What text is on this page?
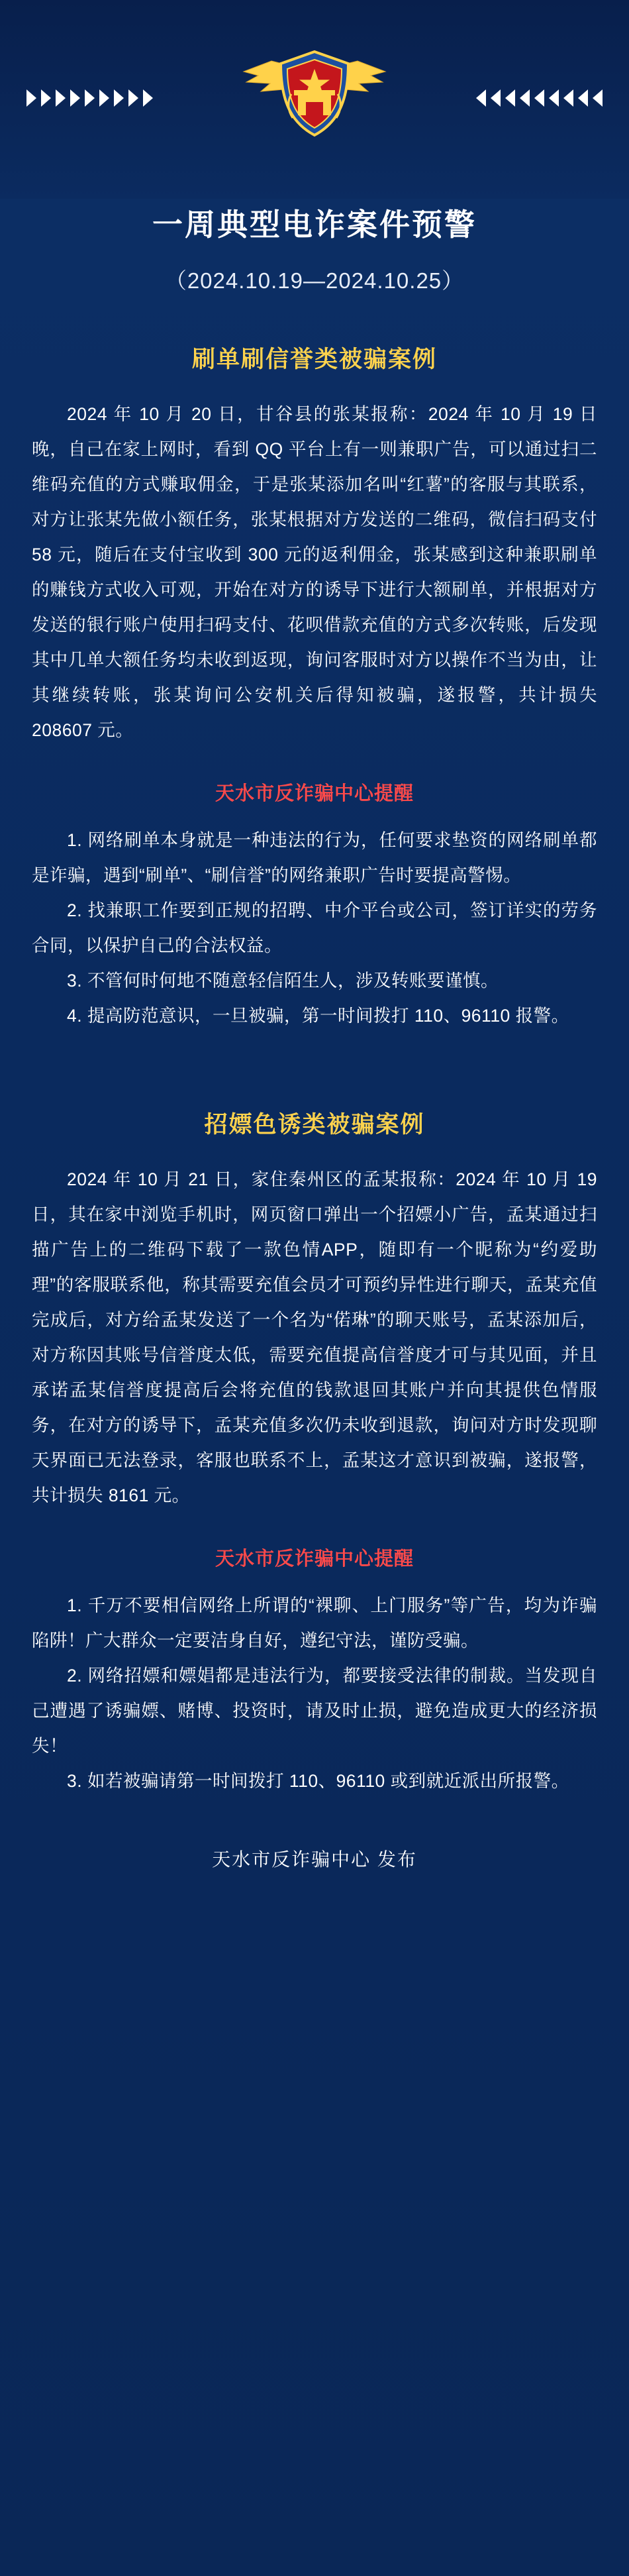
一周典型电诈案件预警
（2024.10.19—2024.10.25）
刷单刷信誉类被骗案例

2024 年 10 月 20 日，甘谷县的张某报称：2024 年 10 月 19 日晚，自己在家上网时，看到 QQ 平台上有一则兼职广告，可以通过扫二维码充值的方式赚取佣金，于是张某添加名叫“红薯”的客服与其联系，对方让张某先做小额任务，张某根据对方发送的二维码，微信扫码支付 58 元，随后在支付宝收到 300 元的返利佣金，张某感到这种兼职刷单的赚钱方式收入可观，开始在对方的诱导下进行大额刷单，并根据对方发送的银行账户使用扫码支付、花呗借款充值的方式多次转账，后发现其中几单大额任务均未收到返现，询问客服时对方以操作不当为由，让其继续转账，张某询问公安机关后得知被骗，遂报警，共计损失 208607 元。

天水市反诈骗中心提醒
1. 网络刷单本身就是一种违法的行为，任何要求垫资的网络刷单都是诈骗，遇到“刷单”、“刷信誉”的网络兼职广告时要提高警惕。
2. 找兼职工作要到正规的招聘、中介平台或公司，签订详实的劳务合同，以保护自己的合法权益。
3. 不管何时何地不随意轻信陌生人，涉及转账要谨慎。
4. 提高防范意识，一旦被骗，第一时间拨打 110、96110 报警。
招嫖色诱类被骗案例

2024 年 10 月 21 日，家住秦州区的孟某报称：2024 年 10 月 19 日，其在家中浏览手机时，网页窗口弹出一个招嫖小广告，孟某通过扫描广告上的二维码下载了一款色情APP，随即有一个昵称为“约爱助理”的客服联系他，称其需要充值会员才可预约异性进行聊天，孟某充值完成后，对方给孟某发送了一个名为“偌琳”的聊天账号，孟某添加后，对方称因其账号信誉度太低，需要充值提高信誉度才可与其见面，并且承诺孟某信誉度提高后会将充值的钱款退回其账户并向其提供色情服务，在对方的诱导下，孟某充值多次仍未收到退款，询问对方时发现聊天界面已无法登录，客服也联系不上，孟某这才意识到被骗，遂报警，共计损失 8161 元。

天水市反诈骗中心提醒
1. 千万不要相信网络上所谓的“裸聊、上门服务”等广告，均为诈骗陷阱！广大群众一定要洁身自好，遵纪守法，谨防受骗。
2. 网络招嫖和嫖娼都是违法行为，都要接受法律的制裁。当发现自己遭遇了诱骗嫖、赌博、投资时，请及时止损，避免造成更大的经济损失！
3. 如若被骗请第一时间拨打 110、96110 或到就近派出所报警。
天水市反诈骗中心 发布
